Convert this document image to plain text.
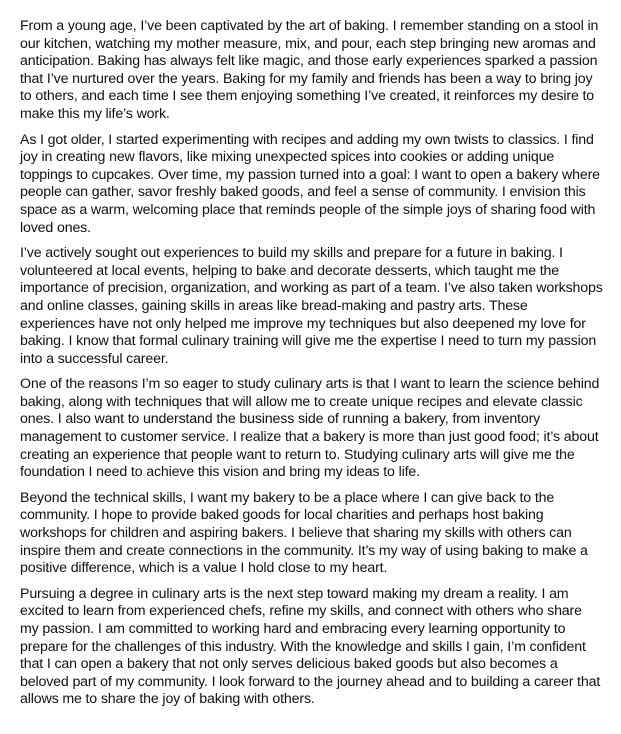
From a young age, I’ve been captivated by the art of baking. I remember standing on a stool in our kitchen, watching my mother measure, mix, and pour, each step bringing new aromas and anticipation. Baking has always felt like magic, and those early experiences sparked a passion that I’ve nurtured over the years. Baking for my family and friends has been a way to bring joy to others, and each time I see them enjoying something I’ve created, it reinforces my desire to make this my life’s work.

As I got older, I started experimenting with recipes and adding my own twists to classics. I find joy in creating new flavors, like mixing unexpected spices into cookies or adding unique toppings to cupcakes. Over time, my passion turned into a goal: I want to open a bakery where people can gather, savor freshly baked goods, and feel a sense of community. I envision this space as a warm, welcoming place that reminds people of the simple joys of sharing food with loved ones.

I’ve actively sought out experiences to build my skills and prepare for a future in baking. I volunteered at local events, helping to bake and decorate desserts, which taught me the importance of precision, organization, and working as part of a team. I’ve also taken workshops and online classes, gaining skills in areas like bread-making and pastry arts. These experiences have not only helped me improve my techniques but also deepened my love for baking. I know that formal culinary training will give me the expertise I need to turn my passion into a successful career.

One of the reasons I’m so eager to study culinary arts is that I want to learn the science behind baking, along with techniques that will allow me to create unique recipes and elevate classic ones. I also want to understand the business side of running a bakery, from inventory management to customer service. I realize that a bakery is more than just good food; it’s about creating an experience that people want to return to. Studying culinary arts will give me the foundation I need to achieve this vision and bring my ideas to life.

Beyond the technical skills, I want my bakery to be a place where I can give back to the community. I hope to provide baked goods for local charities and perhaps host baking workshops for children and aspiring bakers. I believe that sharing my skills with others can inspire them and create connections in the community. It’s my way of using baking to make a positive difference, which is a value I hold close to my heart.

Pursuing a degree in culinary arts is the next step toward making my dream a reality. I am excited to learn from experienced chefs, refine my skills, and connect with others who share my passion. I am committed to working hard and embracing every learning opportunity to prepare for the challenges of this industry. With the knowledge and skills I gain, I’m confident that I can open a bakery that not only serves delicious baked goods but also becomes a beloved part of my community. I look forward to the journey ahead and to building a career that allows me to share the joy of baking with others.
